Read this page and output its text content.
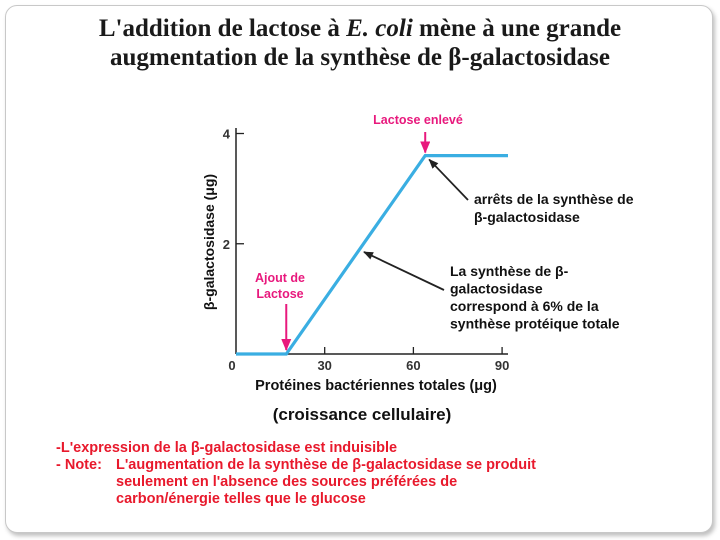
L'addition de lactose à E. coli mène à une grande
augmentation de la synthèse de β-galactosidase
Protéines bactériennes totales (μg)
(croissance cellulaire)
β-galactosidase (μg)
0	30	60	90
2
4
Ajout de
Lactose
Lactose enlevé
arrêts de la synthèse de
β-galactosidase
La synthèse de β-
galactosidase
correspond à 6% de la
synthèse protéique totale
- L'expression de la β-galactosidase est induisible
- Note: L'augmentation de la synthèse de β-galactosidase se produit
seulement en l'absence des sources préférées de
carbon/énergie telles que le glucose
